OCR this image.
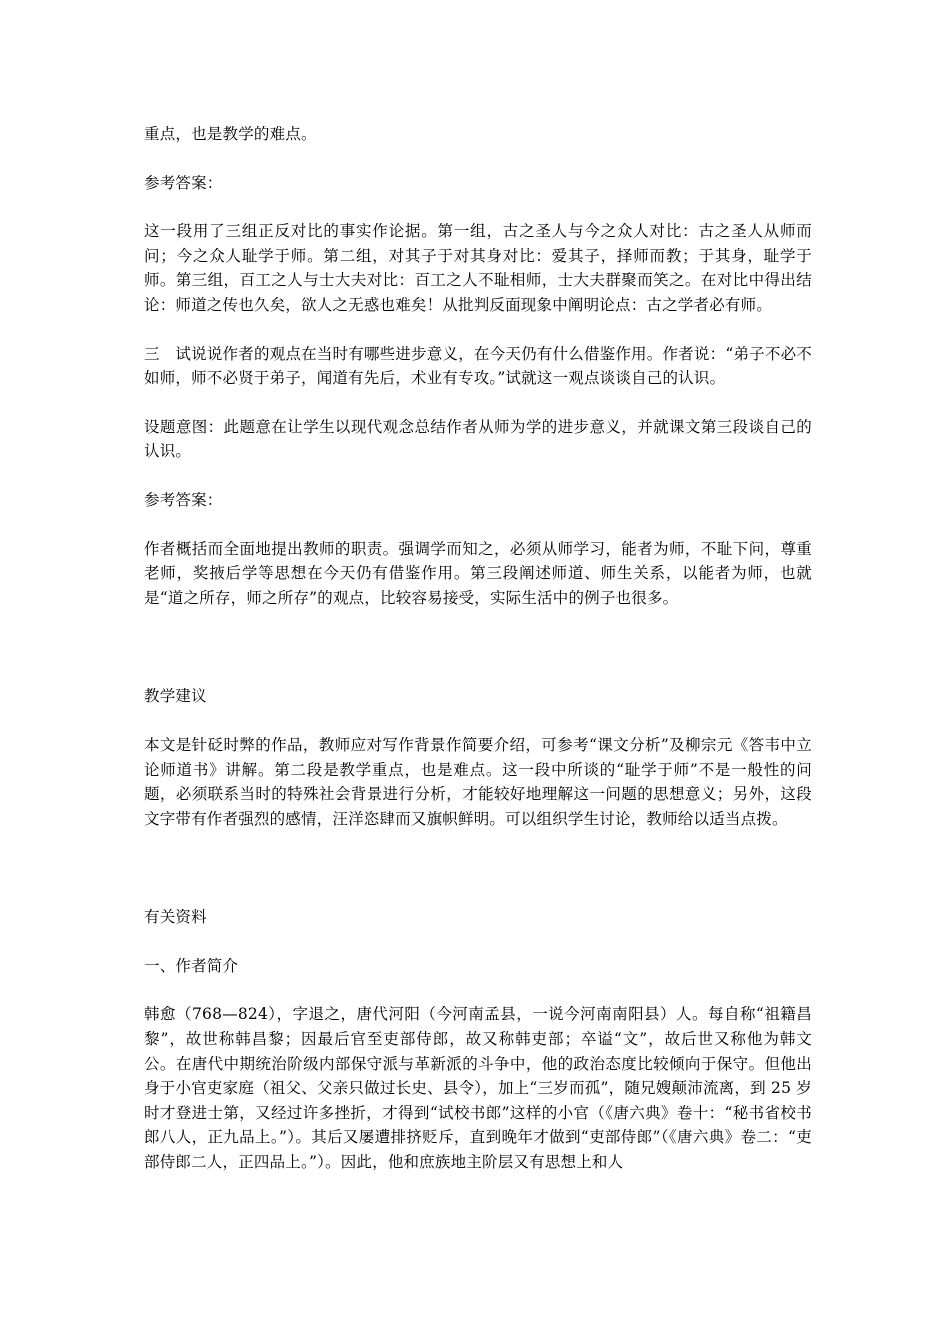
重点，也是教学的难点。

参考答案：

这一段用了三组正反对比的事实作论据。第一组，古之圣人与今之众人对比：古之圣人从师而问；今之众人耻学于师。第二组，对其子于对其身对比：爱其子，择师而教；于其身，耻学于师。第三组，百工之人与士大夫对比：百工之人不耻相师，士大夫群聚而笑之。在对比中得出结论：师道之传也久矣，欲人之无惑也难矣！从批判反面现象中阐明论点：古之学者必有师。

三　试说说作者的观点在当时有哪些进步意义，在今天仍有什么借鉴作用。作者说：“弟子不必不如师，师不必贤于弟子，闻道有先后，术业有专攻。”试就这一观点谈谈自己的认识。

设题意图：此题意在让学生以现代观念总结作者从师为学的进步意义，并就课文第三段谈自己的认识。

参考答案：

作者概括而全面地提出教师的职责。强调学而知之，必须从师学习，能者为师，不耻下问，尊重老师，奖掖后学等思想在今天仍有借鉴作用。第三段阐述师道、师生关系，以能者为师，也就是“道之所存，师之所存”的观点，比较容易接受，实际生活中的例子也很多。

教学建议

本文是针砭时弊的作品，教师应对写作背景作简要介绍，可参考“课文分析”及柳宗元《答韦中立论师道书》讲解。第二段是教学重点，也是难点。这一段中所谈的“耻学于师”不是一般性的问题，必须联系当时的特殊社会背景进行分析，才能较好地理解这一问题的思想意义；另外，这段文字带有作者强烈的感情，汪洋恣肆而又旗帜鲜明。可以组织学生讨论，教师给以适当点拨。

有关资料

一、作者简介

韩愈（768—824），字退之，唐代河阳（今河南孟县，一说今河南南阳县）人。每自称“祖籍昌黎”，故世称韩昌黎；因最后官至吏部侍郎，故又称韩吏部；卒谥“文”，故后世又称他为韩文公。在唐代中期统治阶级内部保守派与革新派的斗争中，他的政治态度比较倾向于保守。但他出身于小官吏家庭（祖父、父亲只做过长史、县令），加上“三岁而孤”，随兄嫂颠沛流离，到 25 岁时才登进士第，又经过许多挫折，才得到“试校书郎”这样的小官（《唐六典》卷十：“秘书省校书郎八人，正九品上。”）。其后又屡遭排挤贬斥，直到晚年才做到“吏部侍郎”（《唐六典》卷二：“吏部侍郎二人，正四品上。”）。因此，他和庶族地主阶层又有思想上和人
